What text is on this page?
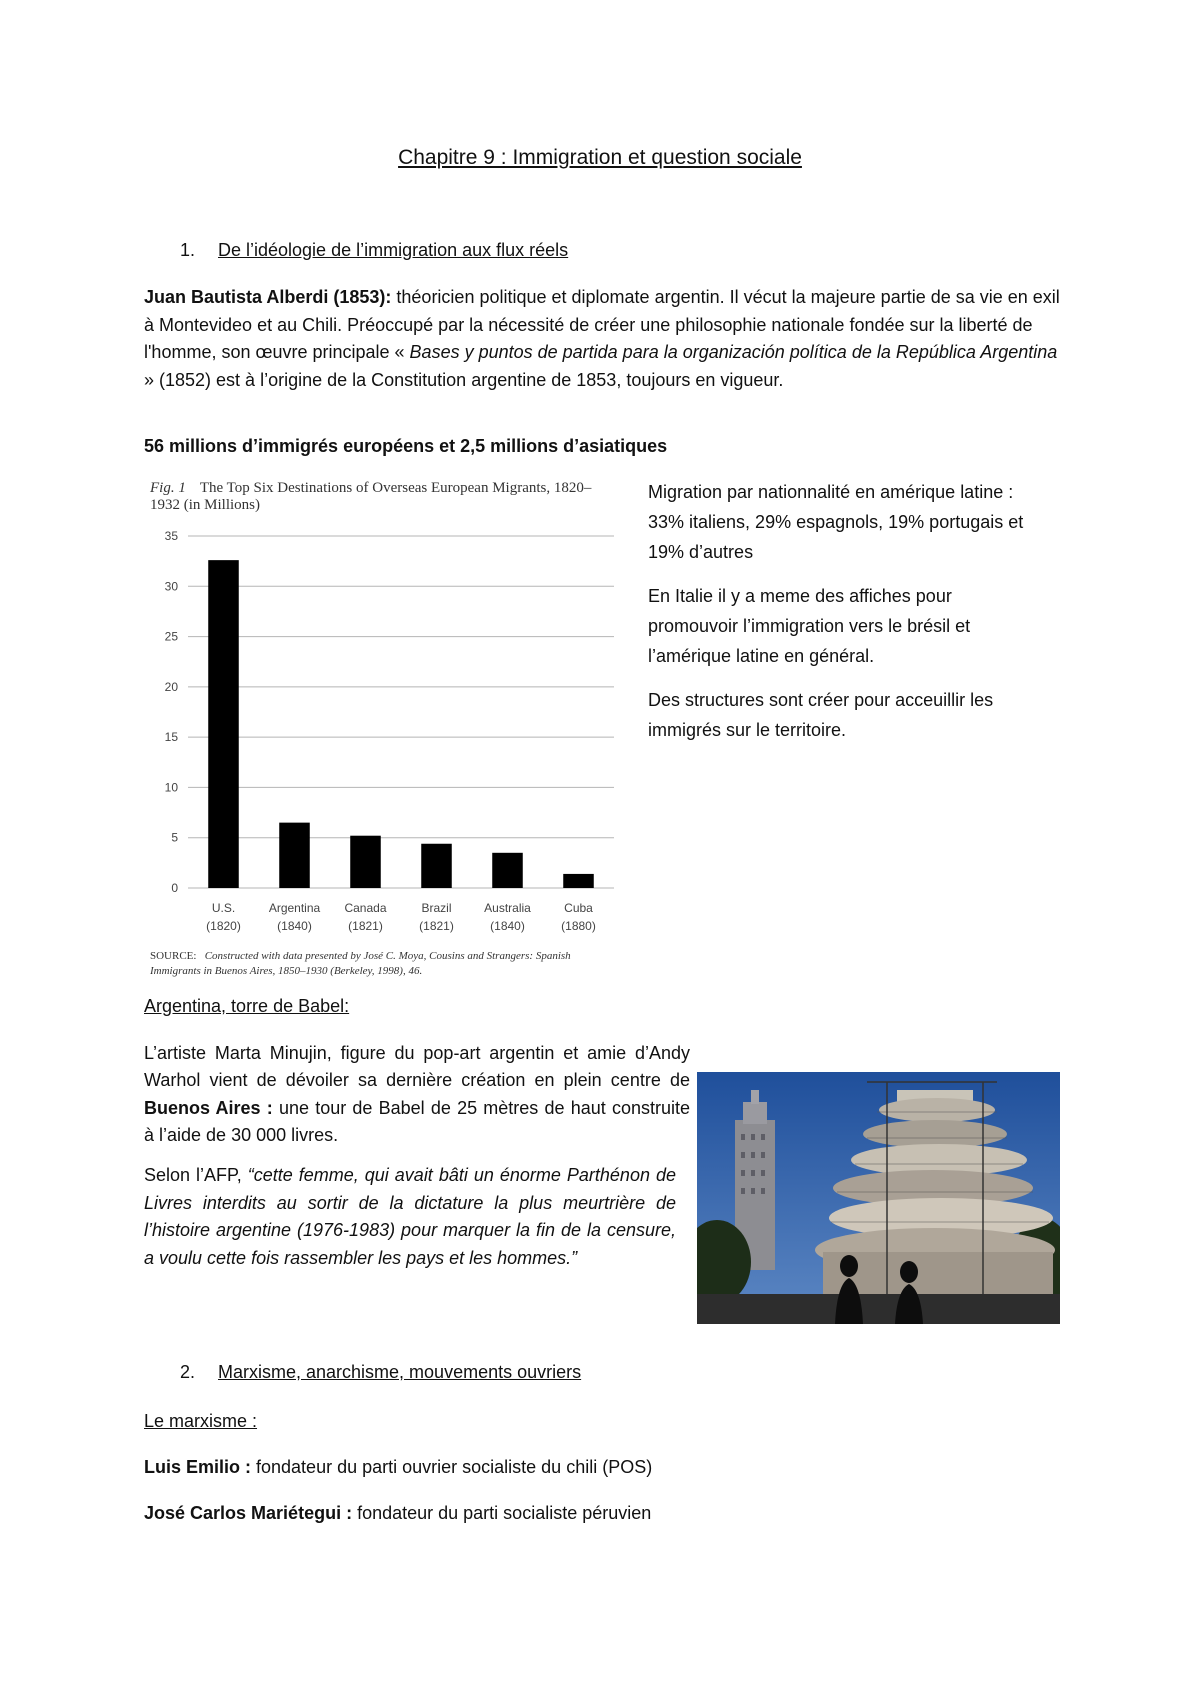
Chapitre 9 : Immigration et question sociale
1. De l’idéologie de l’immigration aux flux réels
Juan Bautista Alberdi (1853): théoricien politique et diplomate argentin. Il vécut la majeure partie de sa vie en exil à Montevideo et au Chili. Préoccupé par la nécessité de créer une philosophie nationale fondée sur la liberté de l'homme, son œuvre principale « Bases y puntos de partida para la organización política de la República Argentina » (1852) est à l’origine de la Constitution argentine de 1853, toujours en vigueur.
56 millions d’immigrés européens et 2,5 millions d’asiatiques
Fig. 1 The Top Six Destinations of Overseas European Migrants, 1820–1932 (in Millions)
0
5
10
15
20
25
30
35
U.S.
(1820)
Argentina
(1840)
Canada
(1821)
Brazil
(1821)
Australia
(1840)
Cuba
(1880)
SOURCE: Constructed with data presented by José C. Moya, Cousins and Strangers: Spanish Immigrants in Buenos Aires, 1850–1930 (Berkeley, 1998), 46.

Migration par nationnalité en amérique latine : 33% italiens, 29% espagnols, 19% portugais et 19% d’autres

En Italie il y a meme des affiches pour promouvoir l’immigration vers le brésil et l’amérique latine en général.

Des structures sont créer pour acceuillir les immigrés sur le territoire.

Argentina, torre de Babel:
L’artiste Marta Minujin, figure du pop-art argentin et amie d’Andy Warhol vient de dévoiler sa dernière création en plein centre de Buenos Aires : une tour de Babel de 25 mètres de haut construite à l’aide de 30 000 livres.
Selon l’AFP, “cette femme, qui avait bâti un énorme Parthénon de Livres interdits au sortir de la dictature la plus meurtrière de l’histoire argentine (1976-1983) pour marquer la fin de la censure, a voulu cette fois rassembler les pays et les hommes.”
2. Marxisme, anarchisme, mouvements ouvriers
Le marxisme :
Luis Emilio : fondateur du parti ouvrier socialiste du chili (POS)
José Carlos Mariétegui : fondateur du parti socialiste péruvien
